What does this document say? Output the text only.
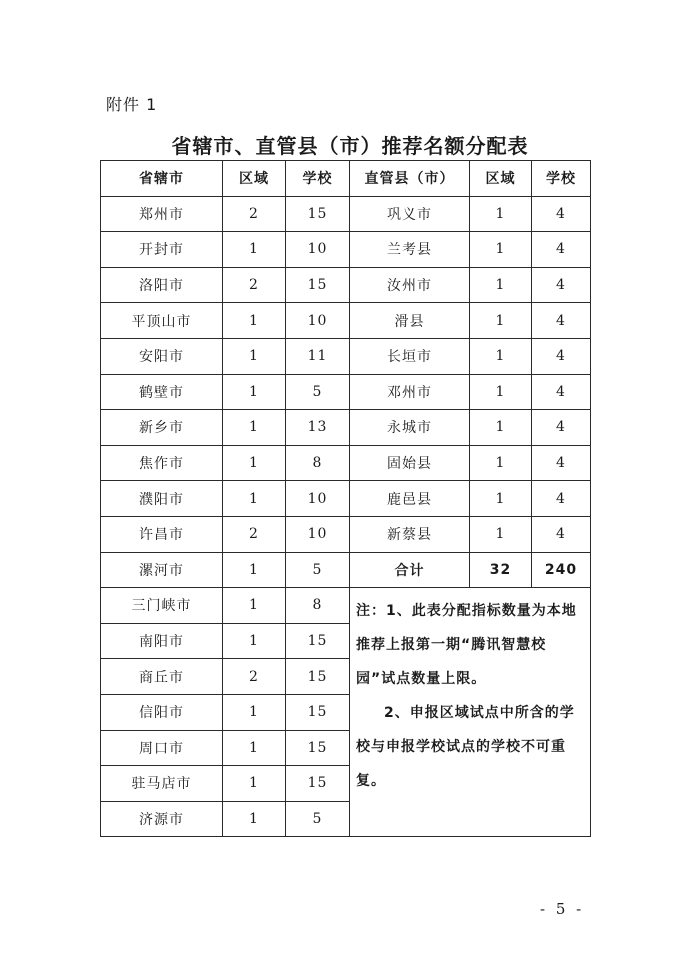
附件 1
省辖市、直管县（市）推荐名额分配表
省辖市	区域	学校	直管县（市）	区域	学校
郑州市	2	15	巩义市	1	4
开封市	1	10	兰考县	1	4
洛阳市	2	15	汝州市	1	4
平顶山市	1	10	滑县	1	4
安阳市	1	11	长垣市	1	4
鹤壁市	1	5	邓州市	1	4
新乡市	1	13	永城市	1	4
焦作市	1	8	固始县	1	4
濮阳市	1	10	鹿邑县	1	4
许昌市	2	10	新蔡县	1	4
漯河市	1	5	合计	32	240
三门峡市	1	8	注：1、此表分配指标数量为本地推荐上报第一期“腾讯智慧校园”试点数量上限。

2、申报区域试点中所含的学校与申报学校试点的学校不可重复。		

南阳市	1	15			
商丘市	2	15			
信阳市	1	15			
周口市	1	15			
驻马店市	1	15			
济源市	1	5			
- 5 -
